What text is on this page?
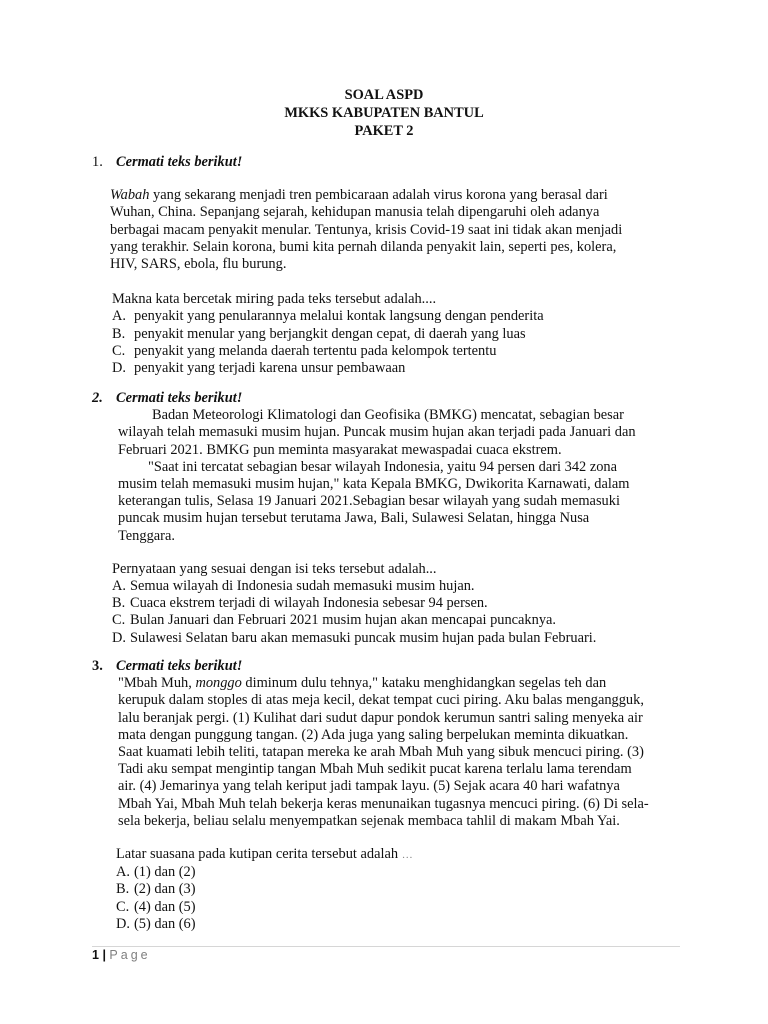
SOAL ASPD
MKKS KABUPATEN BANTUL
PAKET 2
1. Cermati teks berikut!
Wabah yang sekarang menjadi tren pembicaraan adalah virus korona yang berasal dari
Wuhan, China. Sepanjang sejarah, kehidupan manusia telah dipengaruhi oleh adanya
berbagai macam penyakit menular. Tentunya, krisis Covid-19 saat ini tidak akan menjadi
yang terakhir. Selain korona, bumi kita pernah dilanda penyakit lain, seperti pes, kolera,
HIV, SARS, ebola, flu burung.
Makna kata bercetak miring pada teks tersebut adalah....
A. penyakit yang penularannya melalui kontak langsung dengan penderita
B. penyakit menular yang berjangkit dengan cepat, di daerah yang luas
C. penyakit yang melanda daerah tertentu pada kelompok tertentu
D. penyakit yang terjadi karena unsur pembawaan
2. Cermati teks berikut!
Badan Meteorologi Klimatologi dan Geofisika (BMKG) mencatat, sebagian besar
wilayah telah memasuki musim hujan. Puncak musim hujan akan terjadi pada Januari dan
Februari 2021. BMKG pun meminta masyarakat mewaspadai cuaca ekstrem.
"Saat ini tercatat sebagian besar wilayah Indonesia, yaitu 94 persen dari 342 zona
musim telah memasuki musim hujan," kata Kepala BMKG, Dwikorita Karnawati, dalam
keterangan tulis, Selasa 19 Januari 2021.Sebagian besar wilayah yang sudah memasuki
puncak musim hujan tersebut terutama Jawa, Bali, Sulawesi Selatan, hingga Nusa
Tenggara.
Pernyataan yang sesuai dengan isi teks tersebut adalah...
A. Semua wilayah di Indonesia sudah memasuki musim hujan.
B. Cuaca ekstrem terjadi di wilayah Indonesia sebesar 94 persen.
C. Bulan Januari dan Februari 2021 musim hujan akan mencapai puncaknya.
D. Sulawesi Selatan baru akan memasuki puncak musim hujan pada bulan Februari.
3. Cermati teks berikut!
"Mbah Muh, monggo diminum dulu tehnya," kataku menghidangkan segelas teh dan
kerupuk dalam stoples di atas meja kecil, dekat tempat cuci piring. Aku balas mengangguk,
lalu beranjak pergi. (1) Kulihat dari sudut dapur pondok kerumun santri saling menyeka air
mata dengan punggung tangan. (2) Ada juga yang saling berpelukan meminta dikuatkan.
Saat kuamati lebih teliti, tatapan mereka ke arah Mbah Muh yang sibuk mencuci piring. (3)
Tadi aku sempat mengintip tangan Mbah Muh sedikit pucat karena terlalu lama terendam
air. (4) Jemarinya yang telah keriput jadi tampak layu. (5) Sejak acara 40 hari wafatnya
Mbah Yai, Mbah Muh telah bekerja keras menunaikan tugasnya mencuci piring. (6) Di sela-
sela bekerja, beliau selalu menyempatkan sejenak membaca tahlil di makam Mbah Yai.
Latar suasana pada kutipan cerita tersebut adalah …
A. (1) dan (2)
B. (2) dan (3)
C. (4) dan (5)
D. (5) dan (6)
1 | Page
